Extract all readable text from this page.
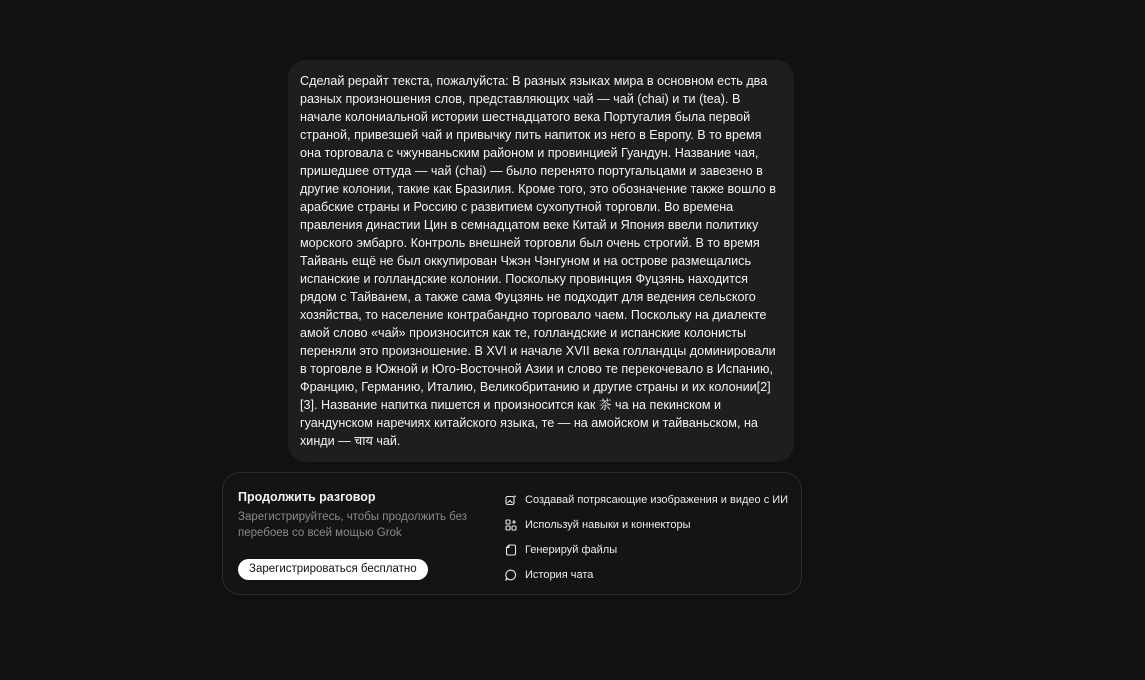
Сделай рерайт текста, пожалуйста: В разных языках мира в основном есть два разных произношения слов, представляющих чай — чай (chai) и ти (tea). В начале колониальной истории шестнадцатого века Португалия была первой страной, привезшей чай и привычку пить напиток из него в Европу. В то время она торговала с чжунваньским районом и провинцией Гуандун. Название чая, пришедшее оттуда — чай (chai) — было перенято португальцами и завезено в другие колонии, такие как Бразилия. Кроме того, это обозначение также вошло в арабские страны и Россию с развитием сухопутной торговли. Во времена правления династии Цин в семнадцатом веке Китай и Япония ввели политику морского эмбарго. Контроль внешней торговли был очень строгий. В то время Тайвань ещё не был оккупирован Чжэн Чэнгуном и на острове размещались испанские и голландские колонии. Поскольку провинция Фуцзянь находится рядом с Тайванем, а также сама Фуцзянь не подходит для ведения сельского хозяйства, то население контрабандно торговало чаем. Поскольку на диалекте амой слово «чай» произносится как те, голландские и испанские колонисты переняли это произношение. В XVI и начале XVII века голландцы доминировали в торговле в Южной и Юго-Восточной Азии и слово те перекочевало в Испанию, Францию, Германию, Италию, Великобританию и другие страны и их колонии[2][3]. Название напитка пишется и произносится как 茶 ча на пекинском и гуандунском наречиях китайского языка, те — на амойском и тайваньском, на хинди — चाय чай.

Продолжить разговор

Зарегистрируйтесь, чтобы продолжить без перебоев со всей мощью Grok

Зарегистрироваться бесплатно
Создавай потрясающие изображения и видео с ИИ
Используй навыки и коннекторы
Генерируй файлы
История чата
